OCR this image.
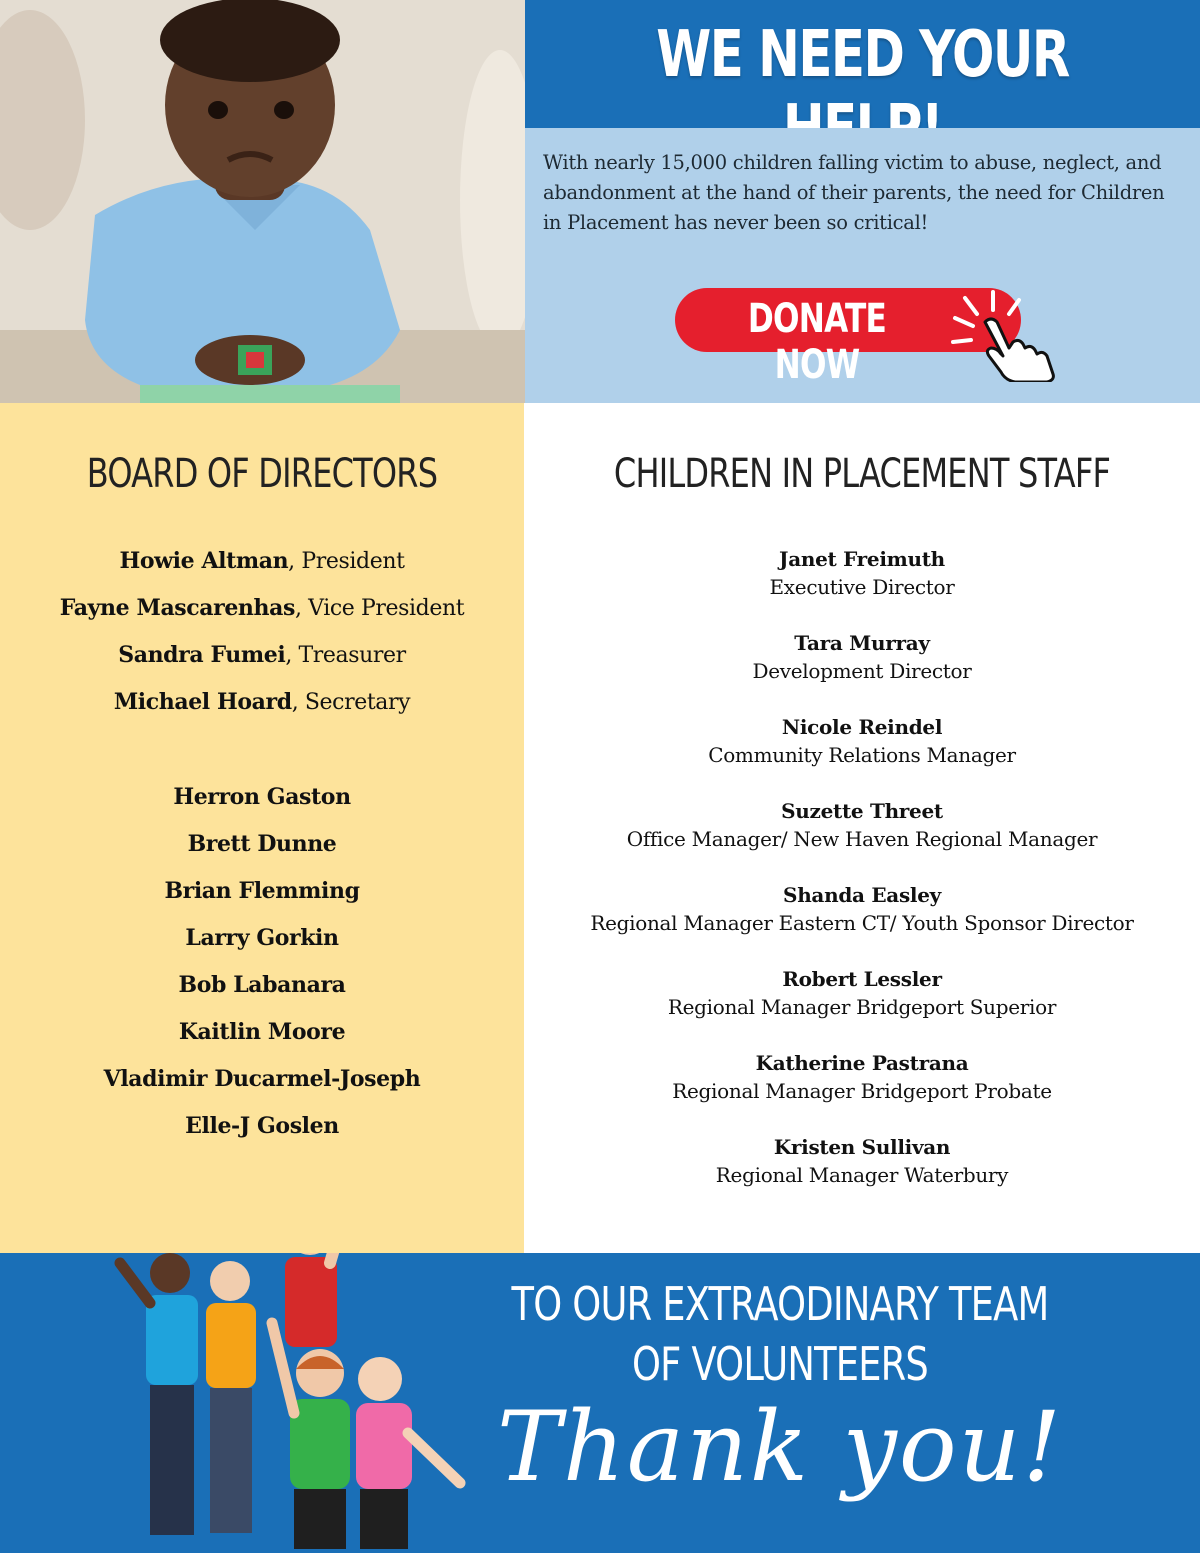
WE NEED YOUR
With nearly 15,000 children falling victim to abuse, neglect, and abandonment at the hand of their parents, the need for Children in Placement has never been so critical!
DONATE NOW
BOARD OF DIRECTORS
Howie Altman, President
Fayne Mascarenhas, Vice President
Sandra Fumei, Treasurer
Michael Hoard, Secretary
Herron Gaston
Brett Dunne
Brian Flemming
Larry Gorkin
Bob Labanara
Kaitlin Moore
Vladimir Ducarmel-Joseph
Elle-J Goslen
CHILDREN IN PLACEMENT STAFF
Janet Freimuth
Executive Director
Tara Murray
Development Director
Nicole Reindel
Community Relations Manager
Suzette Threet
Office Manager/ New Haven Regional Manager
Shanda Easley
Regional Manager Eastern CT/ Youth Sponsor Director
Robert Lessler
Regional Manager Bridgeport Superior
Katherine Pastrana
Regional Manager Bridgeport Probate
Kristen Sullivan
Regional Manager Waterbury
TO OUR EXTRAODINARY TEAM
OF VOLUNTEERS
Thank you!
